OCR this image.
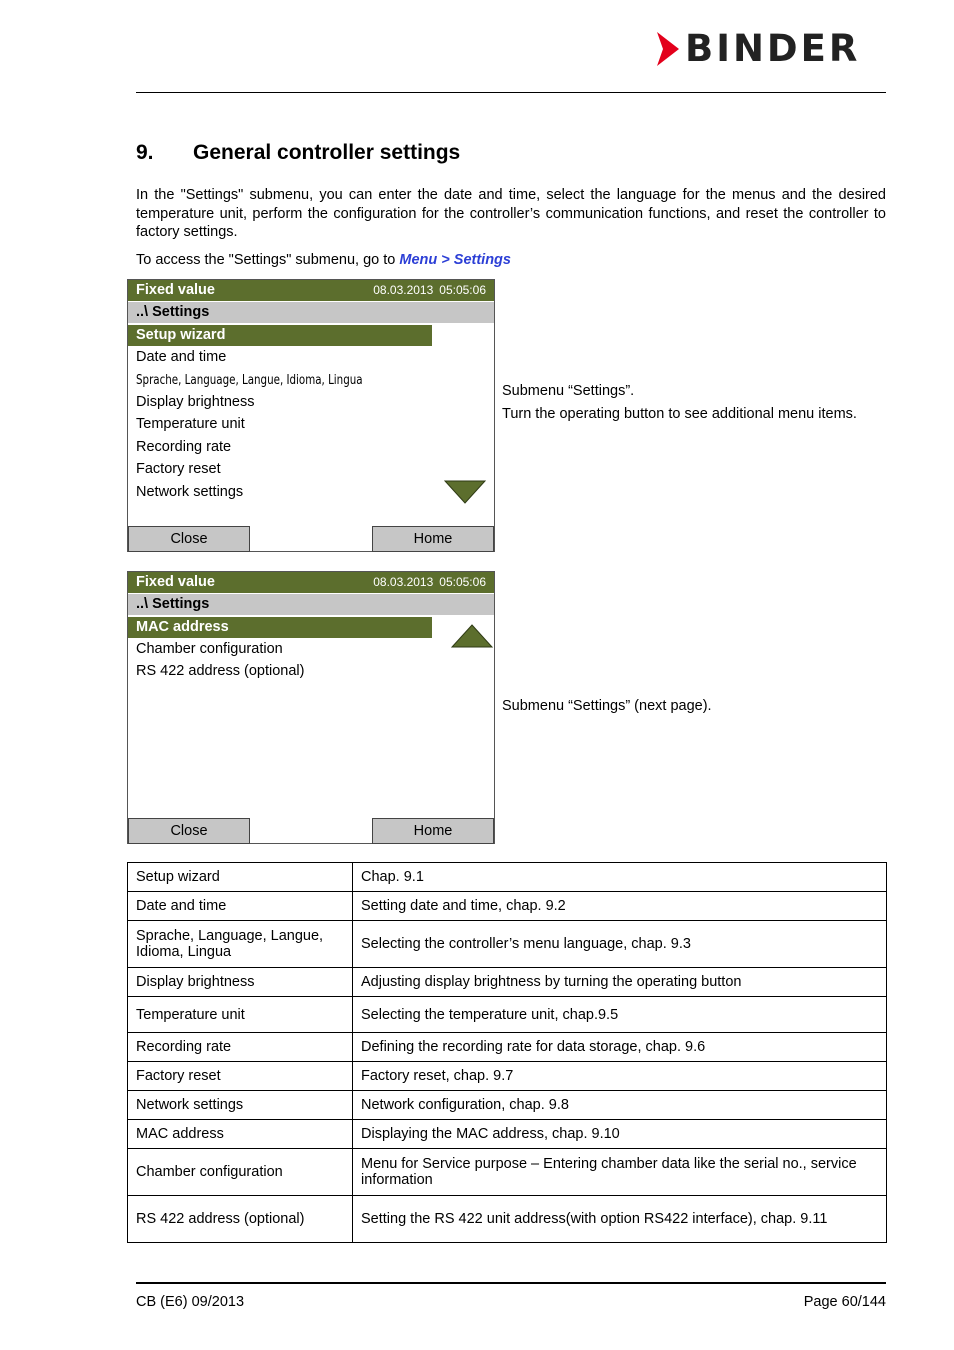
BINDER
9. General controller settings

In the "Settings" submenu, you can enter the date and time, select the language for the menus and the desired temperature unit, perform the configuration for the controller’s communication functions, and reset the controller to factory settings.

To access the "Settings" submenu, go to Menu > Settings

Fixed value	08.03.2013 05:05:06
..\ Settings
Setup wizard
Date and time
Sprache, Language, Langue, Idioma, Lingua
Display brightness
Temperature unit
Recording rate
Factory reset
Network settings
Close	Home
Submenu “Settings”.
Turn the operating button to see additional menu items.
Fixed value	08.03.2013 05:05:06
..\ Settings
MAC address
Chamber configuration
RS 422 address (optional)
Close	Home
Submenu “Settings” (next page).
Setup wizard	Chap. 9.1
Date and time	Setting date and time, chap. 9.2
Sprache, Language, Langue, Idioma, Lingua	Selecting the controller’s menu language, chap. 9.3
Display brightness	Adjusting display brightness by turning the operating button
Temperature unit	Selecting the temperature unit, chap.9.5
Recording rate	Defining the recording rate for data storage, chap. 9.6
Factory reset	Factory reset, chap. 9.7
Network settings	Network configuration, chap. 9.8
MAC address	Displaying the MAC address, chap. 9.10
Chamber configuration	Menu for Service purpose – Entering chamber data like the serial no., service information
RS 422 address (optional)	Setting the RS 422 unit address(with option RS422 interface), chap. 9.11
CB (E6) 09/2013	Page 60/144
